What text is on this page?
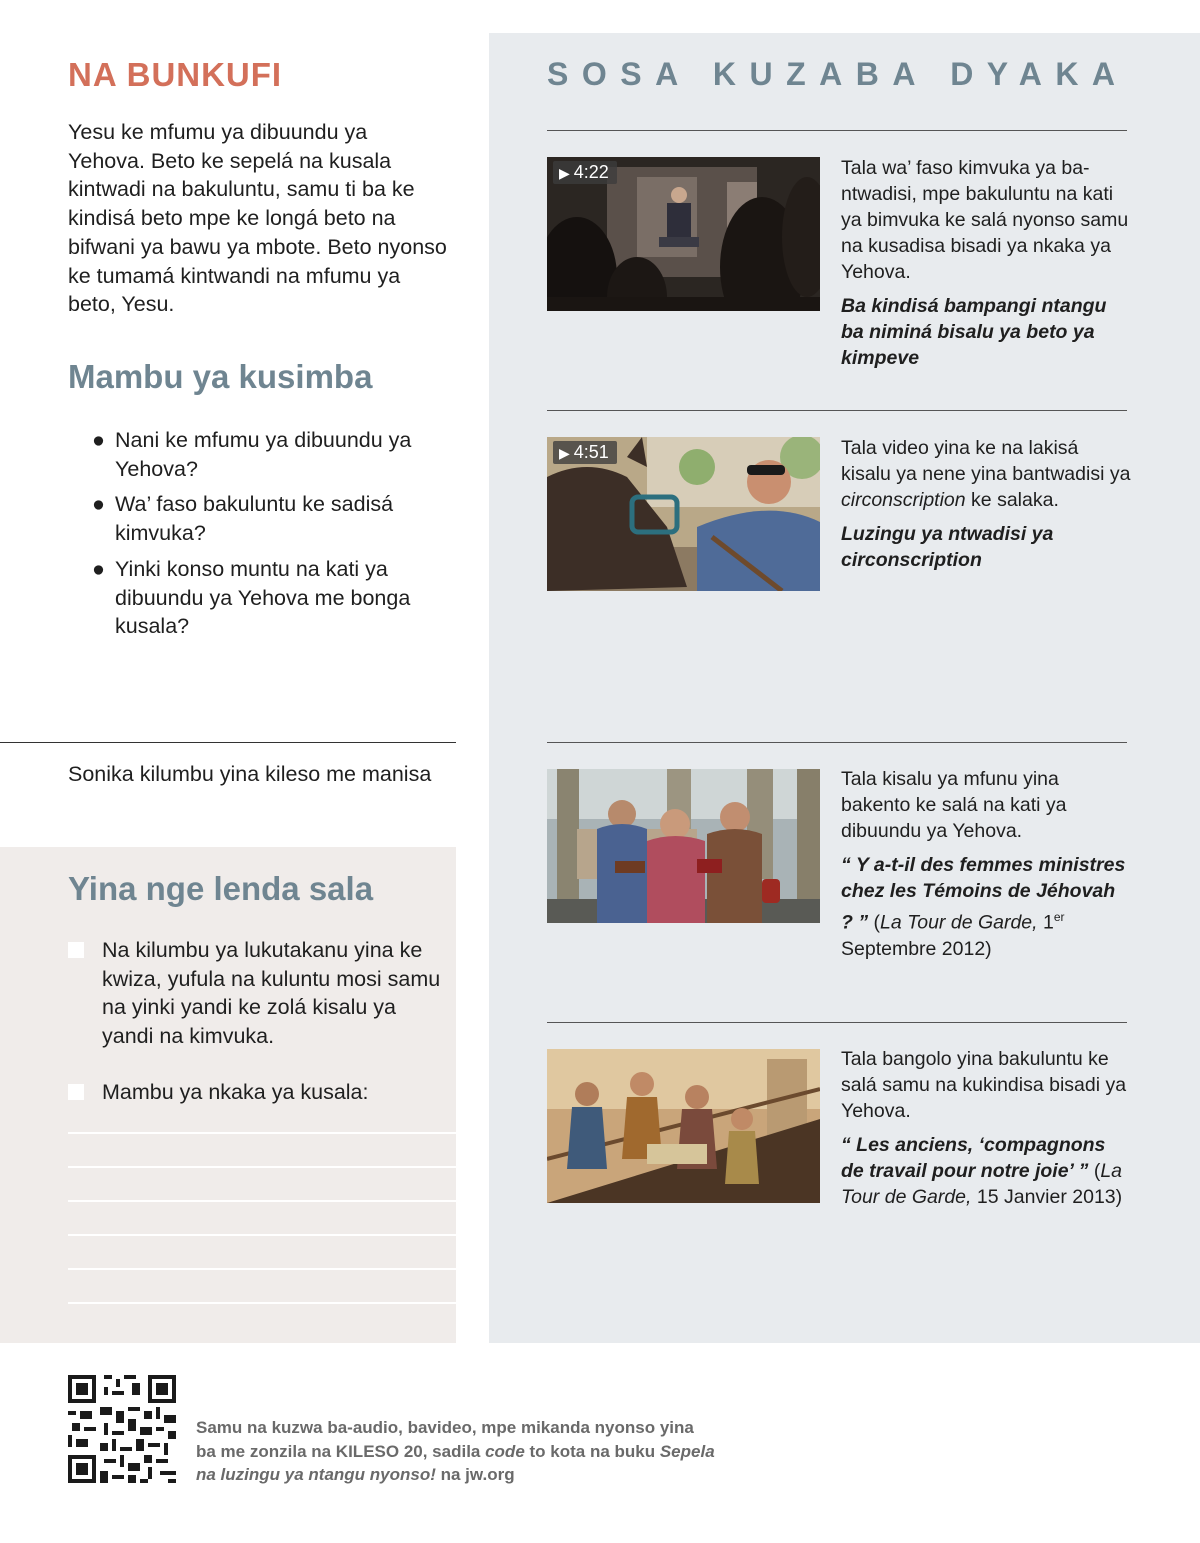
NA BUNKUFI

Yesu ke mfumu ya dibuundu ya Yehova. Beto ke sepelá na kusala kintwadi na bakuluntu, samu ti ba ke kindisá beto mpe ke longá beto na bifwani ya bawu ya mbote. Beto nyonso ke tumamá kintwandi na mfumu ya beto, Yesu.

Mambu ya kusimba
● Nani ke mfumu ya dibuundu ya Yehova?
● Wa’ faso bakuluntu ke sadisá kimvuka?
● Yinki konso muntu na kati ya dibuundu ya Yehova me bonga kusala?

Sonika kilumbu yina kileso me manisa

Yina nge lenda sala
Na kilumbu ya lukutakanu yina ke kwiza, yufula na kuluntu mosi samu na yinki yandi ke zolá kisalu ya yandi na kimvuka.
Mambu ya nkaka ya kusala:
SOSA KUZABA DYAKA
▶ 4:22	Tala wa’ faso kimvuka ya ba-ntwadisi, mpe bakuluntu na kati ya bimvuka ke salá nyonso samu na kusadisa bisadi ya nkaka ya Yehova.

Ba kindisá bampangi ntangu ba niminá bisalu ya beto ya kimpeve

▶ 4:51	Tala video yina ke na lakisá kisalu ya nene yina bantwadisi ya circonscription ke salaka.

Luzingu ya ntwadisi ya circonscription

Tala kisalu ya mfunu yina bakento ke salá na kati ya dibuundu ya Yehova.

“ Y a-t-il des femmes ministres chez les Témoins de Jéhovah ? ” (La Tour de Garde, 1er Septembre 2012)

Tala bangolo yina bakuluntu ke salá samu na kukindisa bisadi ya Yehova.

“ Les anciens, ‘compagnons de travail pour notre joie’ ” (La Tour de Garde, 15 Janvier 2013)

Samu na kuzwa ba-audio, bavideo, mpe mikanda nyonso yina ba me zonzila na KILESO 20, sadila code to kota na buku Sepela na luzingu ya ntangu nyonso! na jw.org
